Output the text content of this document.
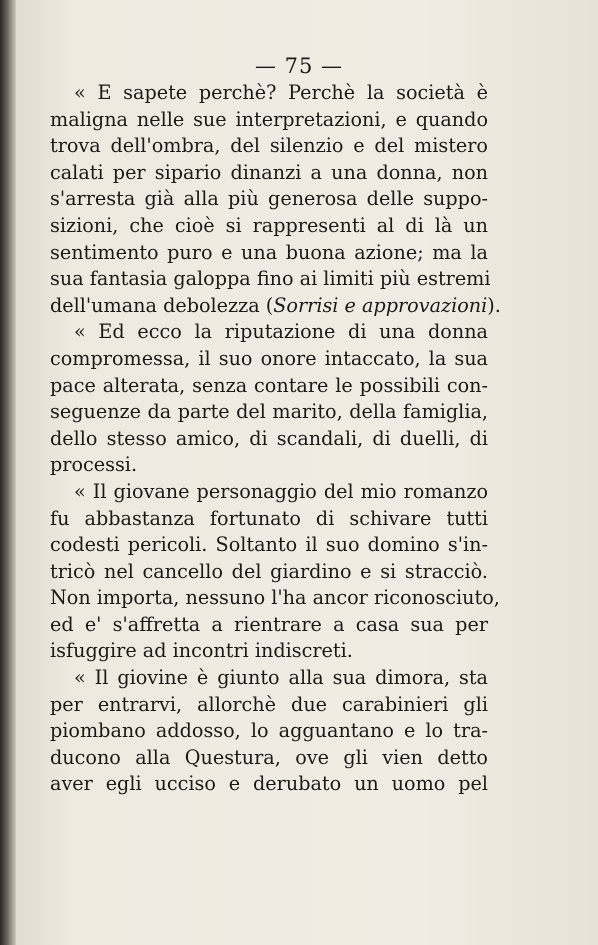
— 75 —
« E sapete perchè? Perchè la società è
maligna nelle sue interpretazioni, e quando
trova dell'ombra, del silenzio e del mistero
calati per sipario dinanzi a una donna, non
s'arresta già alla più generosa delle suppo-
sizioni, che cioè si rappresenti al di là un
sentimento puro e una buona azione; ma la
sua fantasia galoppa fino ai limiti più estremi
dell'umana debolezza (Sorrisi e approvazioni).
« Ed ecco la riputazione di una donna
compromessa, il suo onore intaccato, la sua
pace alterata, senza contare le possibili con-
seguenze da parte del marito, della famiglia,
dello stesso amico, di scandali, di duelli, di
processi.
« Il giovane personaggio del mio romanzo
fu abbastanza fortunato di schivare tutti
codesti pericoli. Soltanto il suo domino s'in-
tricò nel cancello del giardino e si stracciò.
Non importa, nessuno l'ha ancor riconosciuto,
ed e' s'affretta a rientrare a casa sua per
isfuggire ad incontri indiscreti.
« Il giovine è giunto alla sua dimora, sta
per entrarvi, allorchè due carabinieri gli
piombano addosso, lo agguantano e lo tra-
ducono alla Questura, ove gli vien detto
aver egli ucciso e derubato un uomo pel
